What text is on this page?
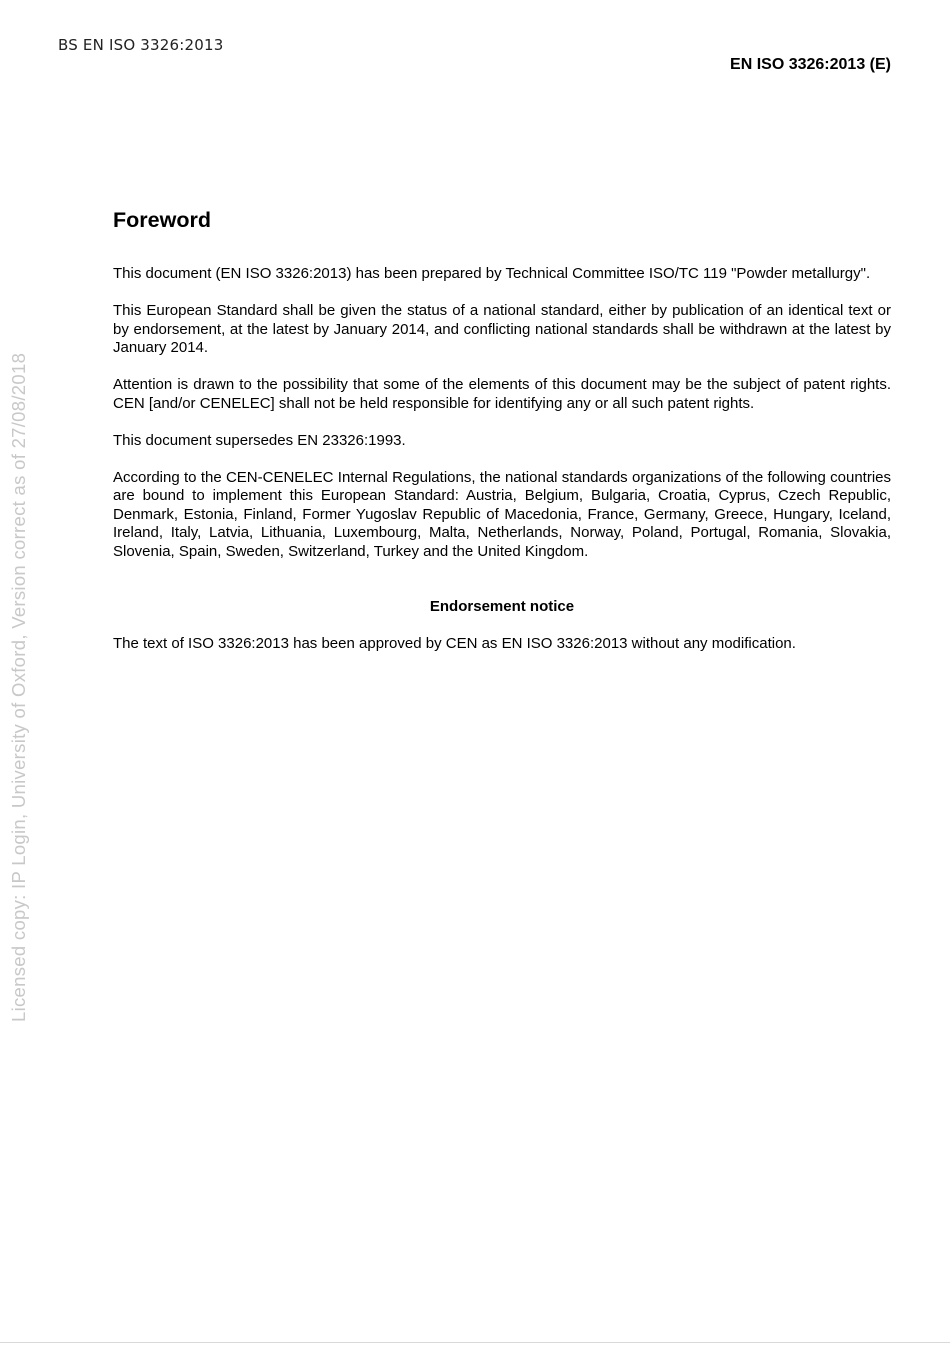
BS EN ISO 3326:2013
EN ISO 3326:2013 (E)
Licensed copy: IP Login, University of Oxford, Version correct as of 27/08/2018
Foreword

This document (EN ISO 3326:2013) has been prepared by Technical Committee ISO/TC 119 "Powder metallurgy".

This European Standard shall be given the status of a national standard, either by publication of an identical text or by endorsement, at the latest by January 2014, and conflicting national standards shall be withdrawn at the latest by January 2014.

Attention is drawn to the possibility that some of the elements of this document may be the subject of patent rights. CEN [and/or CENELEC] shall not be held responsible for identifying any or all such patent rights.

This document supersedes EN 23326:1993.

According to the CEN-CENELEC Internal Regulations, the national standards organizations of the following countries are bound to implement this European Standard: Austria, Belgium, Bulgaria, Croatia, Cyprus, Czech Republic, Denmark, Estonia, Finland, Former Yugoslav Republic of Macedonia, France, Germany, Greece, Hungary, Iceland, Ireland, Italy, Latvia, Lithuania, Luxembourg, Malta, Netherlands, Norway, Poland, Portugal, Romania, Slovakia, Slovenia, Spain, Sweden, Switzerland, Turkey and the United Kingdom.

Endorsement notice

The text of ISO 3326:2013 has been approved by CEN as EN ISO 3326:2013 without any modification.
